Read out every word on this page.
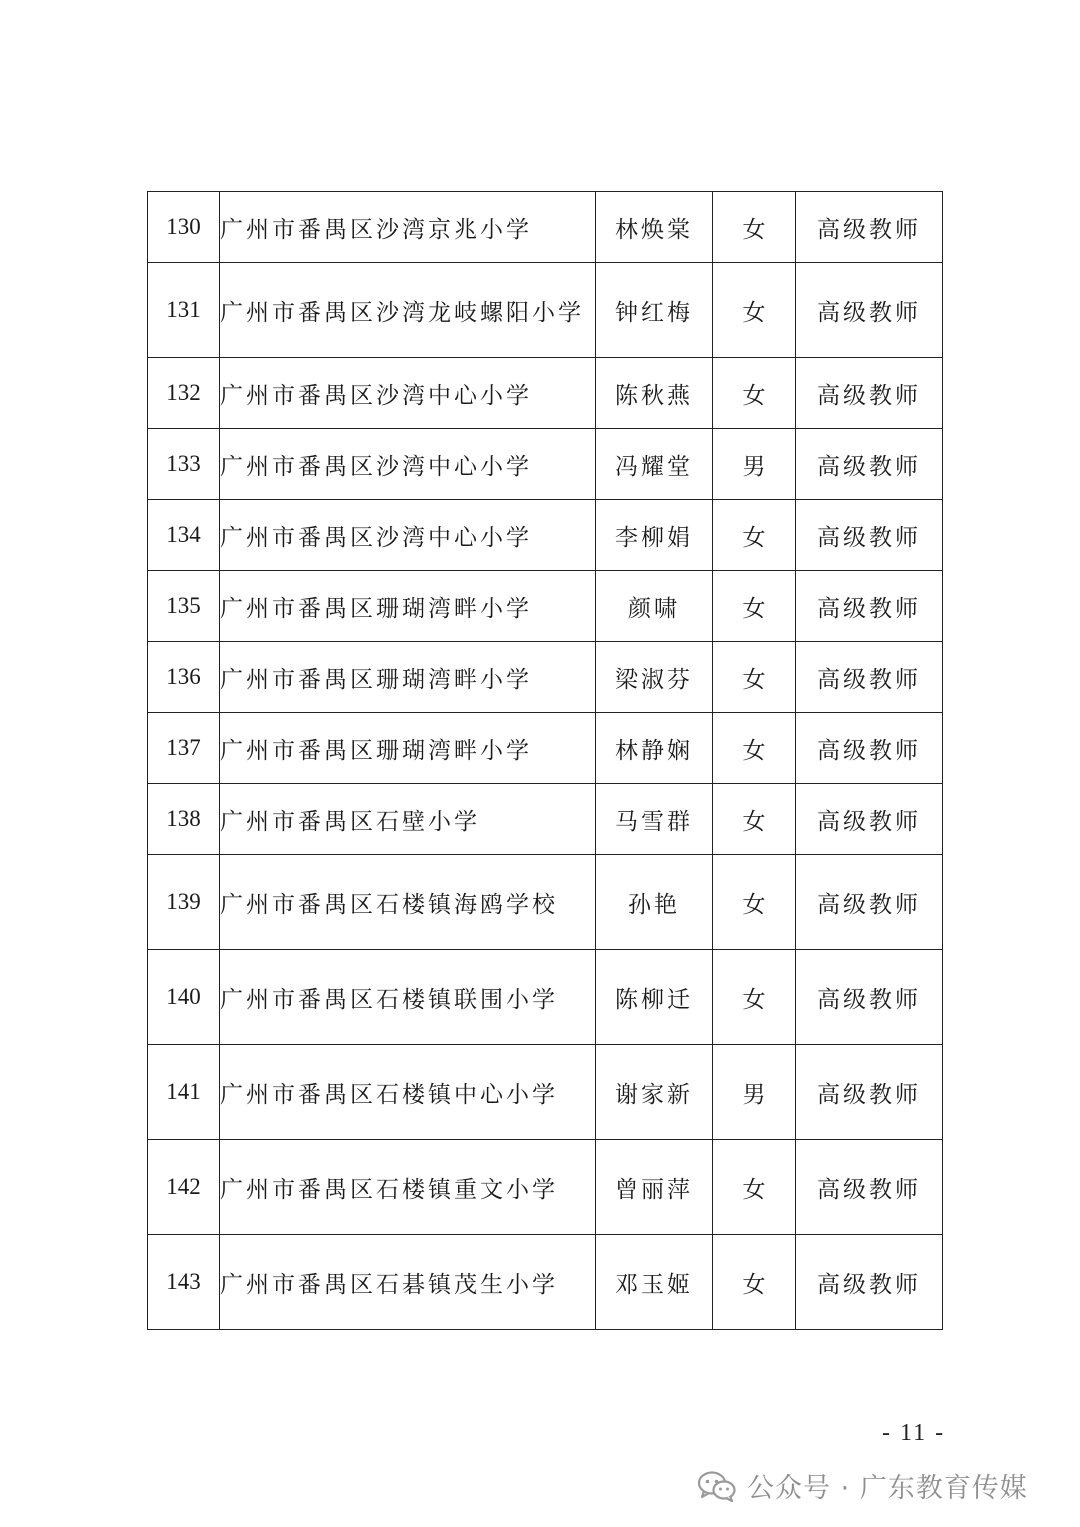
130	广州市番禺区沙湾京兆小学	林焕棠	女	高级教师
131	广州市番禺区沙湾龙岐螺阳小学	钟红梅	女	高级教师
132	广州市番禺区沙湾中心小学	陈秋燕	女	高级教师
133	广州市番禺区沙湾中心小学	冯耀堂	男	高级教师
134	广州市番禺区沙湾中心小学	李柳娟	女	高级教师
135	广州市番禺区珊瑚湾畔小学	颜啸	女	高级教师
136	广州市番禺区珊瑚湾畔小学	梁淑芬	女	高级教师
137	广州市番禺区珊瑚湾畔小学	林静娴	女	高级教师
138	广州市番禺区石壁小学	马雪群	女	高级教师
139	广州市番禺区石楼镇海鸥学校	孙艳	女	高级教师
140	广州市番禺区石楼镇联围小学	陈柳迁	女	高级教师
141	广州市番禺区石楼镇中心小学	谢家新	男	高级教师
142	广州市番禺区石楼镇重文小学	曾丽萍	女	高级教师
143	广州市番禺区石碁镇茂生小学	邓玉姬	女	高级教师
- 11 -
公众号 · 广东教育传媒
